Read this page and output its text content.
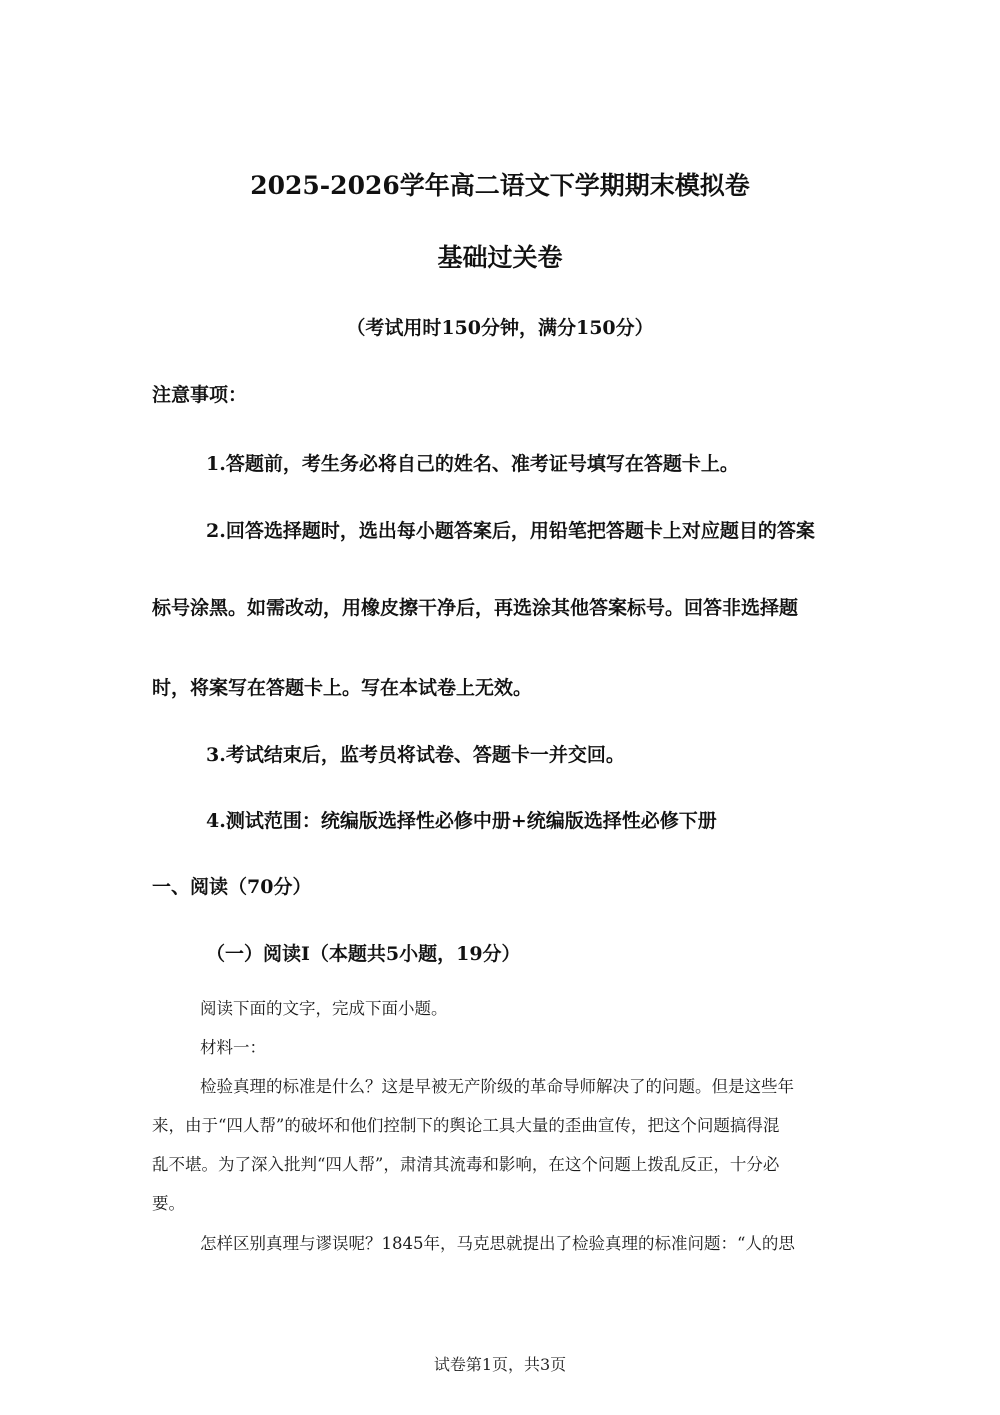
2025-2026学年高二语文下学期期末模拟卷
基础过关卷
（考试用时150分钟，满分150分）
注意事项：
1.答题前，考生务必将自己的姓名、准考证号填写在答题卡上。
2.回答选择题时，选出每小题答案后，用铅笔把答题卡上对应题目的答案
标号涂黑。如需改动，用橡皮擦干净后，再选涂其他答案标号。回答非选择题
时，将案写在答题卡上。写在本试卷上无效。
3.考试结束后，监考员将试卷、答题卡一并交回。
4.测试范围：统编版选择性必修中册+统编版选择性必修下册
一、阅读（70分）
（一）阅读Ⅰ（本题共5小题，19分）
阅读下面的文字，完成下面小题。
材料一：
检验真理的标准是什么？这是早被无产阶级的革命导师解决了的问题。但是这些年
来，由于“四人帮”的破坏和他们控制下的舆论工具大量的歪曲宣传，把这个问题搞得混
乱不堪。为了深入批判“四人帮”，肃清其流毒和影响，在这个问题上拨乱反正，十分必
要。
怎样区别真理与谬误呢？1845年，马克思就提出了检验真理的标准问题：“人的思
试卷第1页，共3页
